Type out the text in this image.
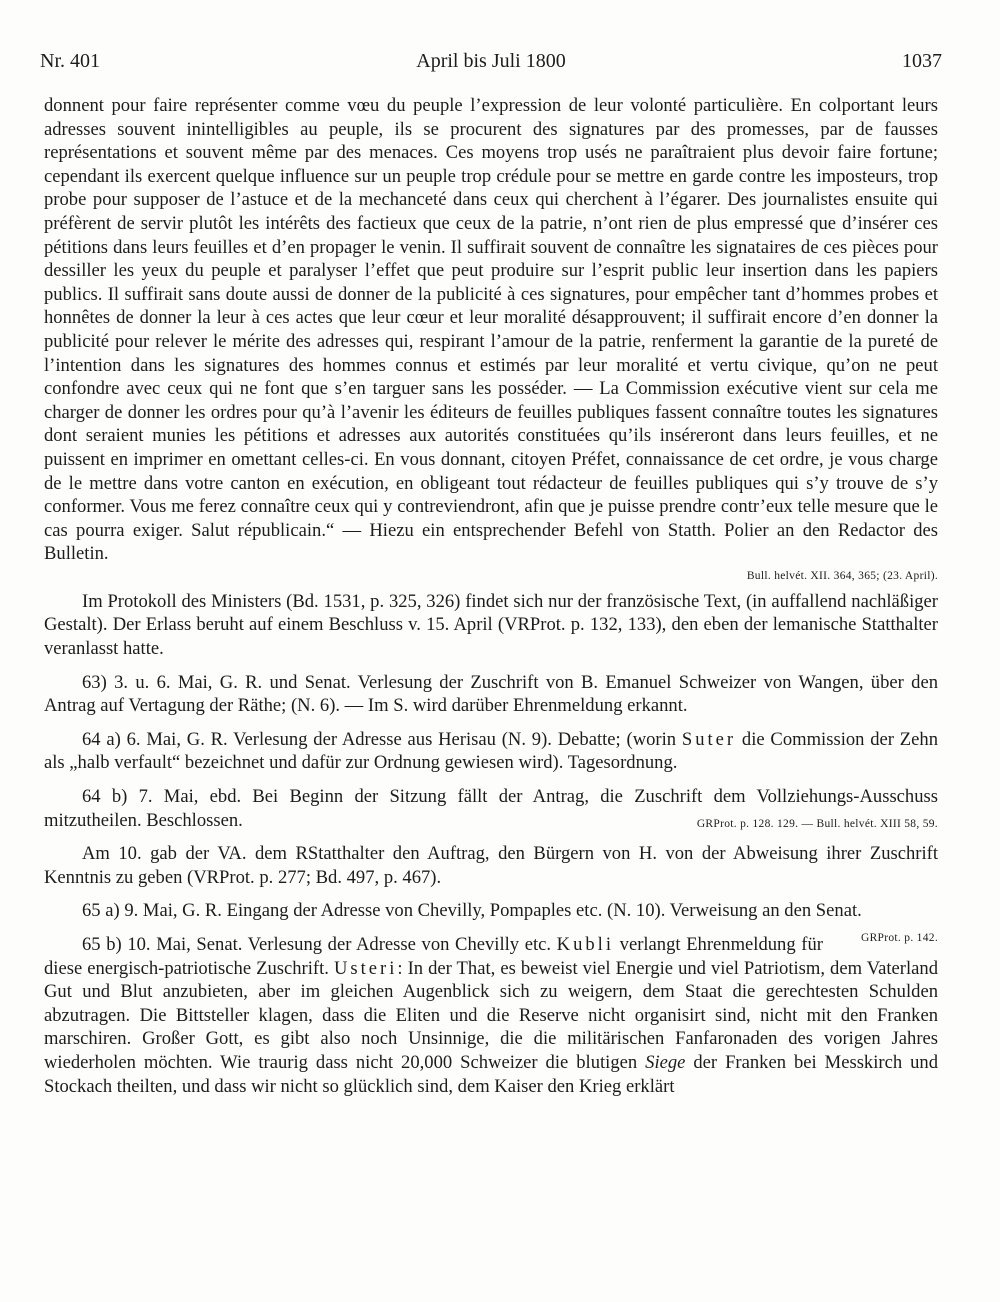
Nr. 401	April bis Juli 1800	1037

donnent pour faire représenter comme vœu du peuple l’expression de leur volonté particulière. En colportant leurs adresses souvent inintelligibles au peuple, ils se procurent des signatures par des promesses, par de fausses représentations et souvent même par des menaces. Ces moyens trop usés ne paraîtraient plus devoir faire fortune; cependant ils exercent quelque influence sur un peuple trop crédule pour se mettre en garde contre les imposteurs, trop probe pour supposer de l’astuce et de la mechanceté dans ceux qui cherchent à l’égarer. Des journalistes ensuite qui préfèrent de servir plutôt les intérêts des factieux que ceux de la patrie, n’ont rien de plus empressé que d’insérer ces pétitions dans leurs feuilles et d’en propager le venin. Il suffirait souvent de connaître les signataires de ces pièces pour dessiller les yeux du peuple et paralyser l’effet que peut produire sur l’esprit public leur insertion dans les papiers publics. Il suffirait sans doute aussi de donner de la publicité à ces signatures, pour empêcher tant d’hommes probes et honnêtes de donner la leur à ces actes que leur cœur et leur moralité désapprouvent; il suffirait encore d’en donner la publicité pour relever le mérite des adresses qui, respirant l’amour de la patrie, renferment la garantie de la pureté de l’intention dans les signatures des hommes connus et estimés par leur moralité et vertu civique, qu’on ne peut confondre avec ceux qui ne font que s’en targuer sans les posséder. — La Commission exécutive vient sur cela me charger de donner les ordres pour qu’à l’avenir les éditeurs de feuilles publiques fassent connaître toutes les signatures dont seraient munies les pétitions et adresses aux autorités constituées qu’ils inséreront dans leurs feuilles, et ne puissent en imprimer en omettant celles-ci. En vous donnant, citoyen Préfet, connaissance de cet ordre, je vous charge de le mettre dans votre canton en exécution, en obligeant tout rédacteur de feuilles publiques qui s’y trouve de s’y conformer. Vous me ferez connaître ceux qui y contreviendront, afin que je puisse prendre contr’eux telle mesure que le cas pourra exiger. Salut républicain.“ — Hiezu ein entsprechender Befehl von Statth. Polier an den Redactor des Bulletin.

Bull. helvét. XII. 364, 365; (23. April).

Im Protokoll des Ministers (Bd. 1531, p. 325, 326) findet sich nur der französische Text, (in auffallend nachläßiger Gestalt). Der Erlass beruht auf einem Beschluss v. 15. April (VRProt. p. 132, 133), den eben der lemanische Statthalter veranlasst hatte.

63) 3. u. 6. Mai, G. R. und Senat. Verlesung der Zuschrift von B. Emanuel Schweizer von Wangen, über den Antrag auf Vertagung der Räthe; (N. 6). — Im S. wird darüber Ehrenmeldung erkannt.

64 a) 6. Mai, G. R. Verlesung der Adresse aus Herisau (N. 9). Debatte; (worin Suter die Commission der Zehn als „halb verfault“ bezeichnet und dafür zur Ordnung gewiesen wird). Tagesordnung.

64 b) 7. Mai, ebd. Bei Beginn der Sitzung fällt der Antrag, die Zuschrift dem Vollziehungs-Ausschuss mitzutheilen. Beschlossen.	GRProt. p. 128. 129. — Bull. helvét. XIII 58, 59.

Am 10. gab der VA. dem RStatthalter den Auftrag, den Bürgern von H. von der Abweisung ihrer Zuschrift Kenntnis zu geben (VRProt. p. 277; Bd. 497, p. 467).

65 a) 9. Mai, G. R. Eingang der Adresse von Chevilly, Pompaples etc. (N. 10). Verweisung an den Senat.
GRProt. p. 142.

65 b) 10. Mai, Senat. Verlesung der Adresse von Chevilly etc. Kubli verlangt Ehrenmeldung für diese energisch-patriotische Zuschrift. Usteri: In der That, es beweist viel Energie und viel Patriotism, dem Vaterland Gut und Blut anzubieten, aber im gleichen Augenblick sich zu weigern, dem Staat die gerechtesten Schulden abzutragen. Die Bittsteller klagen, dass die Eliten und die Reserve nicht organisirt sind, nicht mit den Franken marschiren. Großer Gott, es gibt also noch Unsinnige, die die militärischen Fanfaronaden des vorigen Jahres wiederholen möchten. Wie traurig dass nicht 20,000 Schweizer die blutigen Siege der Franken bei Messkirch und Stockach theilten, und dass wir nicht so glücklich sind, dem Kaiser den Krieg erklärt
